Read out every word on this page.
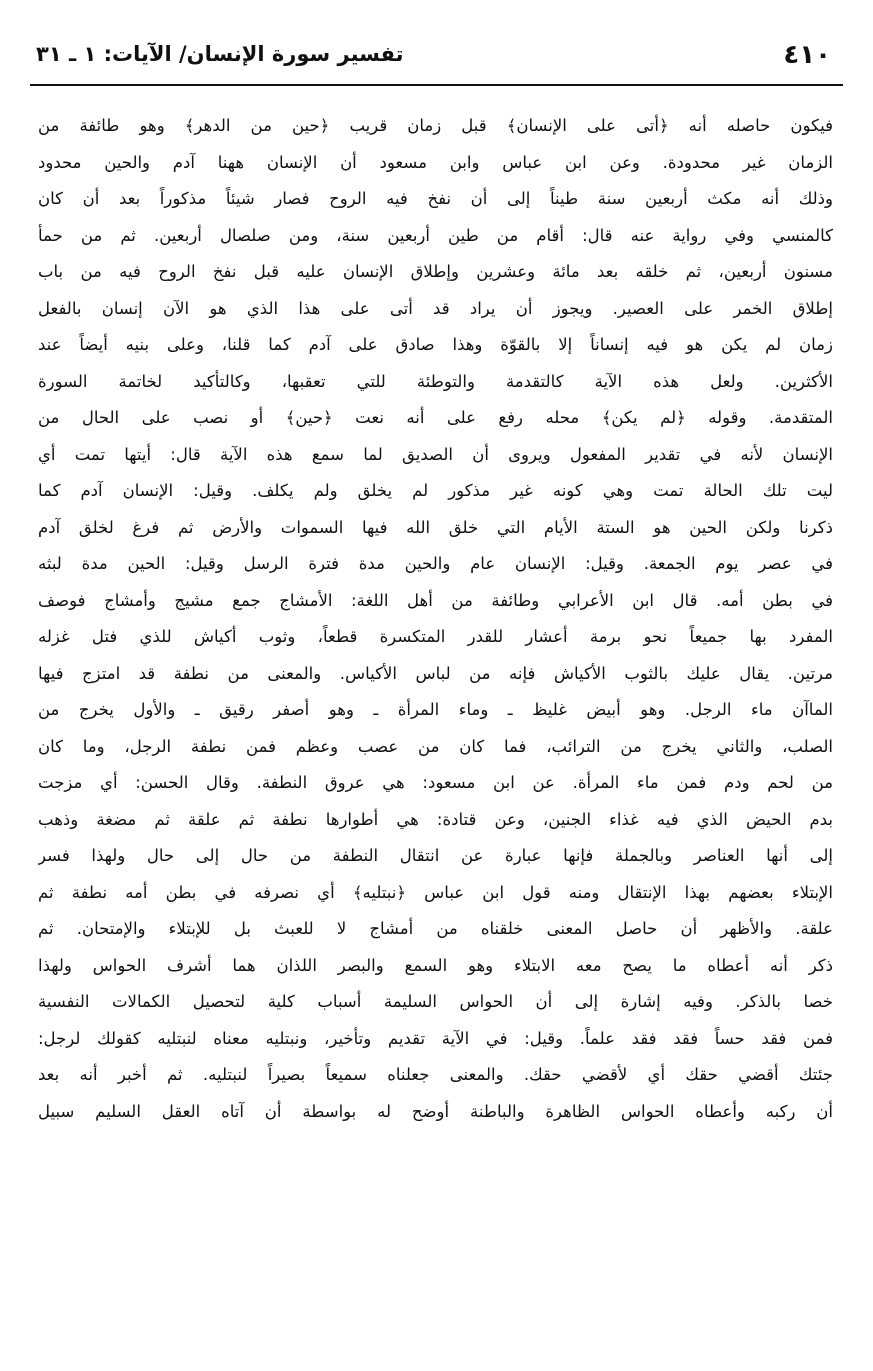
٤١٠
تفسير سورة الإنسان/ الآيات: ١ ـ ٣١
فيكون حاصله أنه ﴿أتى على الإنسان﴾ قبل زمان قريب ﴿حين من الدهر﴾ وهو طائفة من
الزمان غير محدودة. وعن ابن عباس وابن مسعود أن الإنسان ههنا آدم والحين محدود
وذلك أنه مكث أربعين سنة طيناً إلى أن نفخ فيه الروح فصار شيئاً مذكوراً بعد أن كان
كالمنسي وفي رواية عنه قال: أقام من طين أربعين سنة، ومن صلصال أربعين. ثم من حمأ
مسنون أربعين، ثم خلقه بعد مائة وعشرين وإطلاق الإنسان عليه قبل نفخ الروح فيه من باب
إطلاق الخمر على العصير. ويجوز أن يراد قد أتى على هذا الذي هو الآن إنسان بالفعل
زمان لم يكن هو فيه إنساناً إلا بالقوّة وهذا صادق على آدم كما قلنا، وعلى بنيه أيضاً عند
الأكثرين. ولعل هذه الآية كالتقدمة والتوطئة للتي تعقبها، وكالتأكيد لخاتمة السورة
المتقدمة. وقوله ﴿لم يكن﴾ محله رفع على أنه نعت ﴿حين﴾ أو نصب على الحال من
الإنسان لأنه في تقدير المفعول ويروى أن الصديق لما سمع هذه الآية قال: أيتها تمت أي
ليت تلك الحالة تمت وهي كونه غير مذكور لم يخلق ولم يكلف. وقيل: الإنسان آدم كما
ذكرنا ولكن الحين هو الستة الأيام التي خلق الله فيها السموات والأرض ثم فرغ لخلق آدم
في عصر يوم الجمعة. وقيل: الإنسان عام والحين مدة فترة الرسل وقيل: الحين مدة لبثه
في بطن أمه. قال ابن الأعرابي وطائفة من أهل اللغة: الأمشاج جمع مشيج وأمشاج فوصف
المفرد بها جميعاً نحو برمة أعشار للقدر المتكسرة قطعاً، وثوب أكياش للذي فتل غزله
مرتين. يقال عليك بالثوب الأكياش فإنه من لباس الأكياس. والمعنى من نطفة قد امتزج فيها
الماآن ماء الرجل. وهو أبيض غليظ ـ وماء المرأة ـ وهو أصفر رقيق ـ والأول يخرج من
الصلب، والثاني يخرج من الترائب، فما كان من عصب وعظم فمن نطفة الرجل، وما كان
من لحم ودم فمن ماء المرأة. عن ابن مسعود: هي عروق النطفة. وقال الحسن: أي مزجت
بدم الحيض الذي فيه غذاء الجنين، وعن قتادة: هي أطوارها نطفة ثم علقة ثم مضغة وذهب
إلى أنها العناصر وبالجملة فإنها عبارة عن انتقال النطفة من حال إلى حال ولهذا فسر
الإبتلاء بعضهم بهذا الإنتقال ومنه قول ابن عباس ﴿نبتليه﴾ أي نصرفه في بطن أمه نطفة ثم
علقة. والأظهر أن حاصل المعنى خلقناه من أمشاج لا للعبث بل للإبتلاء والإمتحان. ثم
ذكر أنه أعطاه ما يصح معه الابتلاء وهو السمع والبصر اللذان هما أشرف الحواس ولهذا
خصا بالذكر. وفيه إشارة إلى أن الحواس السليمة أسباب كلية لتحصيل الكمالات النفسية
فمن فقد حساً فقد فقد علماً. وقيل: في الآية تقديم وتأخير، ونبتليه معناه لنبتليه كقولك لرجل:
جئتك أقضي حقك أي لأقضي حقك. والمعنى جعلناه سميعاً بصيراً لنبتليه. ثم أخبر أنه بعد
أن ركبه وأعطاه الحواس الظاهرة والباطنة أوضح له بواسطة أن آتاه العقل السليم سبيل
